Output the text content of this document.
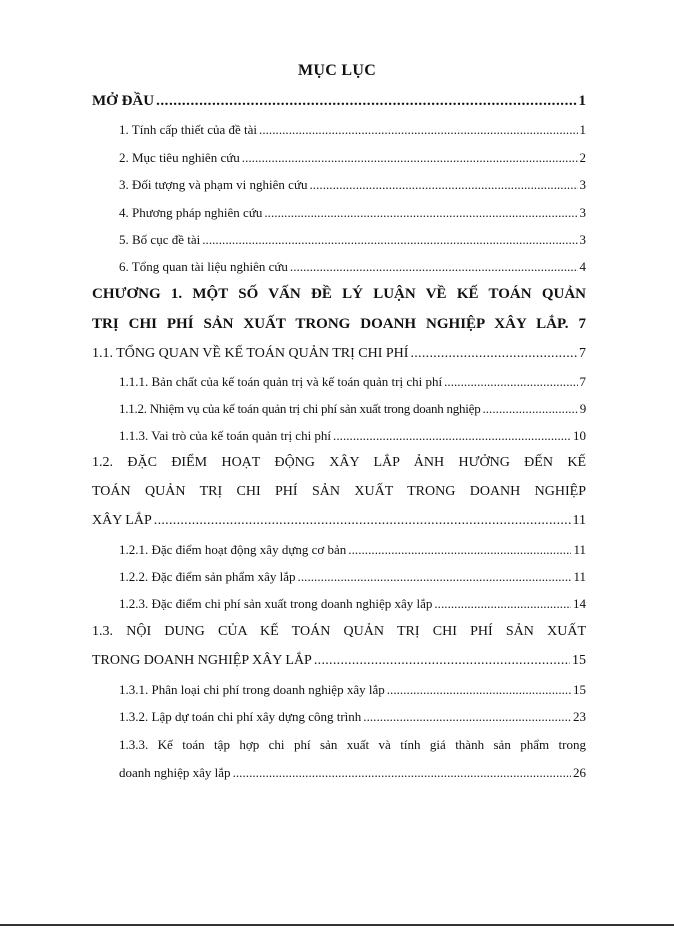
MỤC LỤC
MỞ ĐẦU . . .	1
1. Tính cấp thiết của đề tài . . .	1
2. Mục tiêu nghiên cứu . . .	2
3. Đối tượng và phạm vi nghiên cứu . . .	3
4. Phương pháp nghiên cứu . . .	3
5. Bố cục đề tài . . .	3
6. Tổng quan tài liệu nghiên cứu . . .	4
CHƯƠNG 1. MỘT SỐ VẤN ĐỀ LÝ LUẬN VỀ KẾ TOÁN QUẢN
TRỊ CHI PHÍ SẢN XUẤT TRONG DOANH NGHIỆP XÂY LẮP. 7
1.1. TỔNG QUAN VỀ KẾ TOÁN QUẢN TRỊ CHI PHÍ . . .	7
1.1.1. Bản chất của kế toán quản trị và kế toán quản trị chi phí . . .	7
1.1.2. Nhiệm vụ của kế toán quản trị chi phí sản xuất trong doanh nghiệp . . .	9
1.1.3. Vai trò của kế toán quản trị chi phí . . .	10
1.2. ĐẶC ĐIỂM HOẠT ĐỘNG XÂY LẮP ẢNH HƯỞNG ĐẾN KẾ
TOÁN QUẢN TRỊ CHI PHÍ SẢN XUẤT TRONG DOANH NGHIỆP
XÂY LẮP . . .	11
1.2.1. Đặc điểm hoạt động xây dựng cơ bản . . .	11
1.2.2. Đặc điểm sản phẩm xây lắp . . .	11
1.2.3. Đặc điểm chi phí sản xuất trong doanh nghiệp xây lắp . . .	14
1.3. NỘI DUNG CỦA KẾ TOÁN QUẢN TRỊ CHI PHÍ SẢN XUẤT
TRONG DOANH NGHIỆP XÂY LẮP . . .	15
1.3.1. Phân loại chi phí trong doanh nghiệp xây lắp . . .	15
1.3.2. Lập dự toán chi phí xây dựng công trình . . .	23
1.3.3. Kế toán tập hợp chi phí sản xuất và tính giá thành sản phẩm trong
doanh nghiệp xây lắp . . .	26
